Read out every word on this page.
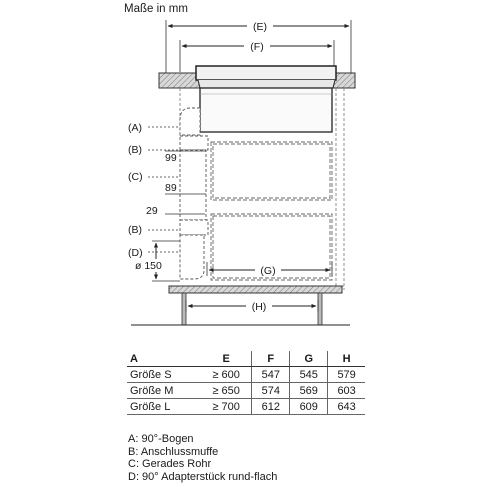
Maße in mm
(E)
(F)
(A)
(B)
(C)
(B)
(D)
99
89
29
ø 150	(G)
(H)
A	E	F	G	H
Größe S	≥ 600	547	545	579
Größe M	≥ 650	574	569	603
Größe L	≥ 700	612	609	643
A: 90°-Bogen
B: Anschlussmuffe
C: Gerades Rohr
D: 90° Adapterstück rund-flach
